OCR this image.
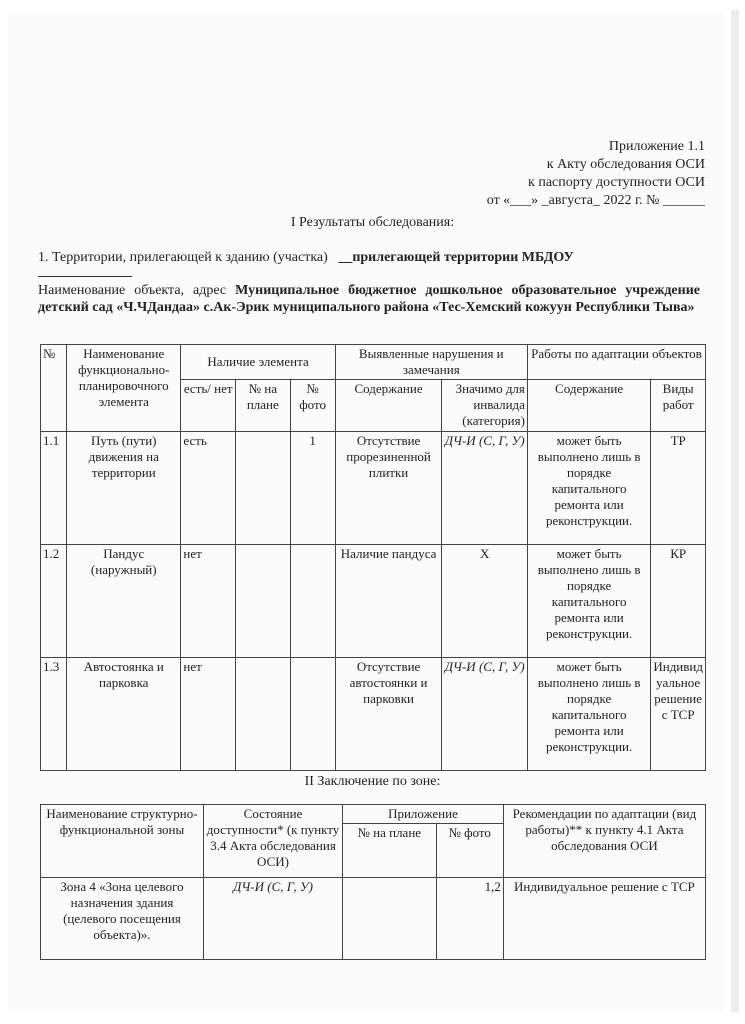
Приложение 1.1
к Акту обследования ОСИ
к паспорту доступности ОСИ
от «___» _августа_ 2022 г. № ______
I Результаты обследования:
1. Территории, прилегающей к зданию (участка) __прилегающей территории МБДОУ
Наименование объекта, адрес Муниципальное бюджетное дошкольное образовательное учреждение детский сад «Ч.ЧДандаа» с.Ак-Эрик муниципального района «Тес-Хемский кожуун Республики Тыва»
№	Наименование функционально-планировочного элемента	Наличие элемента			Выявленные нарушения и замечания		Работы по адаптации объектов	
		есть/ нет	№ на плане	№ фото	Содержание	Значимо для инвалида (категория)	Содержание	Виды работ
1.1	Путь (пути) движения на территории	есть		1	Отсутствие прорезиненной плитки	ДЧ-И (С, Г, У)	может быть выполнено лишь в порядке капитального ремонта или реконструкции.	ТР
1.2	Пандус (наружный)	нет			Наличие пандуса	Х	может быть выполнено лишь в порядке капитального ремонта или реконструкции.	КР
1.3	Автостоянка и парковка	нет			Отсутствие автостоянки и парковки	ДЧ-И (С, Г, У)	может быть выполнено лишь в порядке капитального ремонта или реконструкции.	Индивидуальное решение с ТСР
II Заключение по зоне:
Наименование структурно-функциональной зоны	Состояние доступности* (к пункту 3.4 Акта обследования ОСИ)	Приложение		Рекомендации по адаптации (вид работы)** к пункту 4.1 Акта обследования ОСИ
		№ на плане	№ фото	
Зона 4 «Зона целевого назначения здания (целевого посещения объекта)».	ДЧ-И (С, Г, У)		1,2	Индивидуальное решение с ТСР
